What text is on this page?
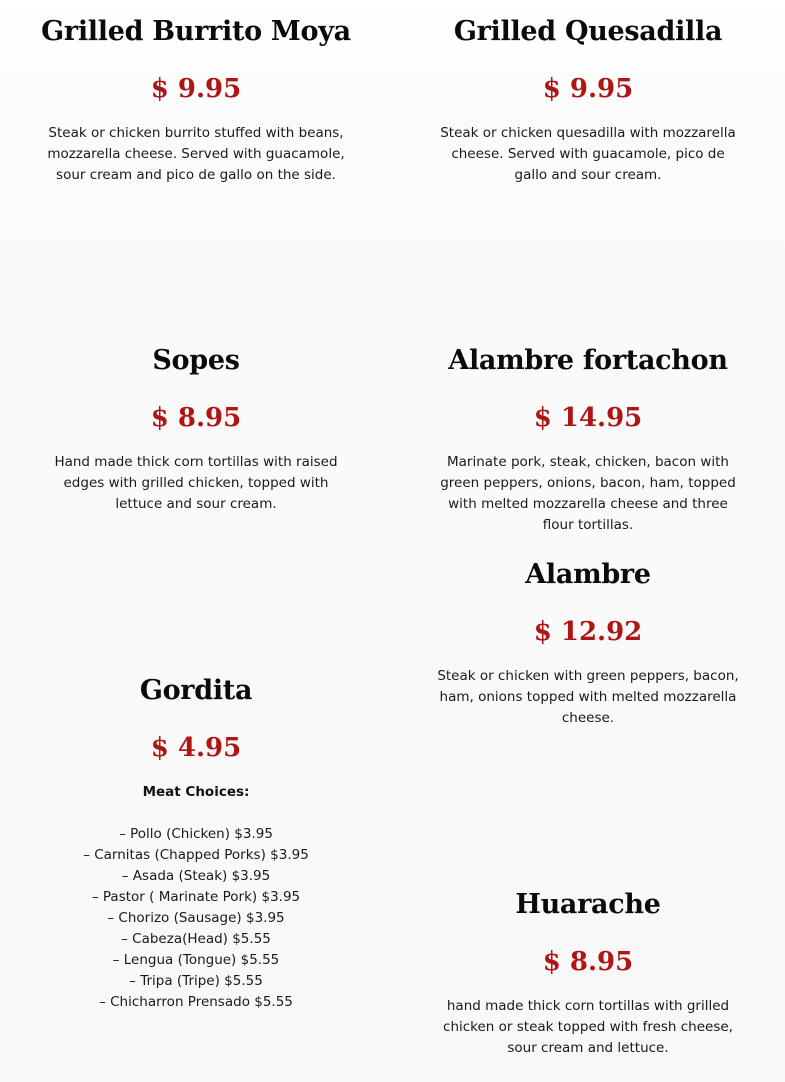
Grilled Burrito Moya
$ 9.95

Steak or chicken burrito stuffed with beans, mozzarella cheese. Served with guacamole, sour cream and pico de gallo on the side.

Grilled Quesadilla
$ 9.95

Steak or chicken quesadilla with mozzarella cheese. Served with guacamole, pico de gallo and sour cream.

Sopes
$ 8.95

Hand made thick corn tortillas with raised edges with grilled chicken, topped with lettuce and sour cream.

Alambre fortachon
$ 14.95

Marinate pork, steak, chicken, bacon with green peppers, onions, bacon, ham, topped with melted mozzarella cheese and three flour tortillas.

Alambre
$ 12.92

Steak or chicken with green peppers, bacon, ham, onions topped with melted mozzarella cheese.

Gordita
$ 4.95
Meat Choices:
– Pollo (Chicken) $3.95
– Carnitas (Chapped Porks) $3.95
– Asada (Steak) $3.95
– Pastor ( Marinate Pork) $3.95
– Chorizo (Sausage) $3.95
– Cabeza(Head) $5.55
– Lengua (Tongue) $5.55
– Tripa (Tripe) $5.55
– Chicharron Prensado $5.55
Huarache
$ 8.95

hand made thick corn tortillas with grilled chicken or steak topped with fresh cheese, sour cream and lettuce.
